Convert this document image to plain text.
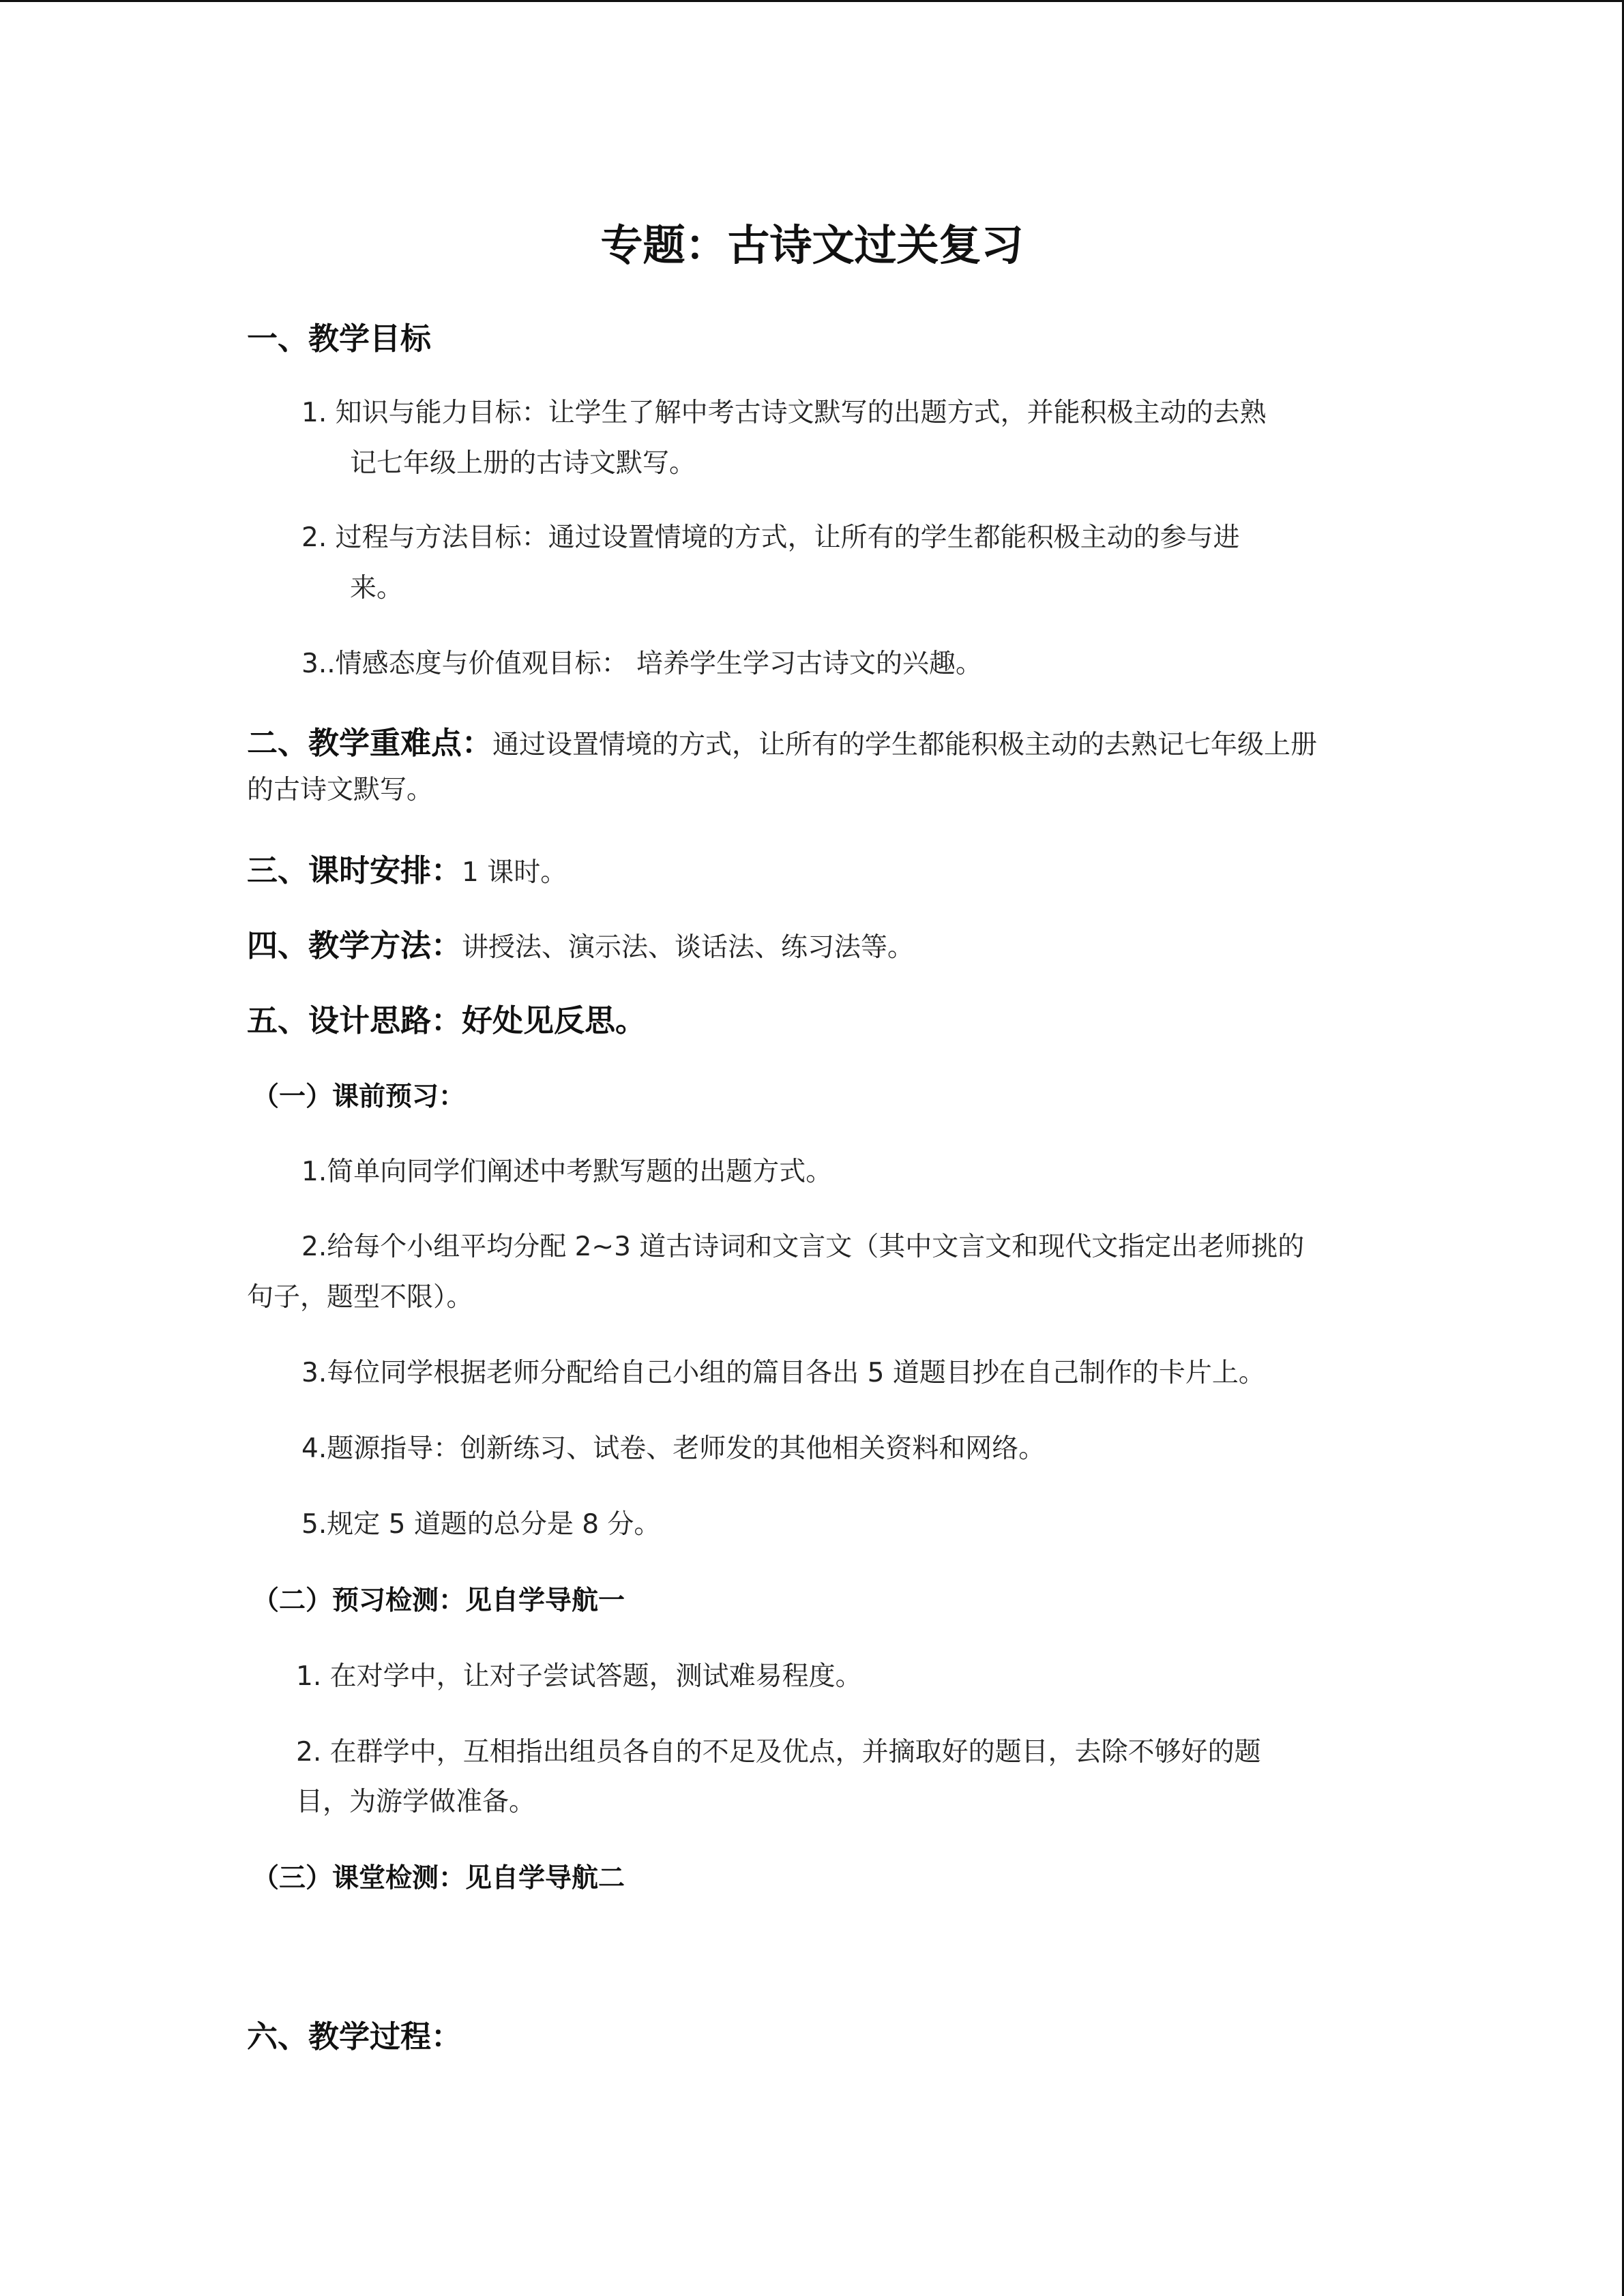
专题：古诗文过关复习
一、教学目标
1. 知识与能力目标：让学生了解中考古诗文默写的出题方式，并能积极主动的去熟
记七年级上册的古诗文默写。
2. 过程与方法目标：通过设置情境的方式，让所有的学生都能积极主动的参与进
来。
3..情感态度与价值观目标： 培养学生学习古诗文的兴趣。
二、教学重难点：通过设置情境的方式，让所有的学生都能积极主动的去熟记七年级上册
的古诗文默写。
三、课时安排：1 课时。
四、教学方法：讲授法、演示法、谈话法、练习法等。
五、设计思路：好处见反思。
（一）课前预习：
1.简单向同学们阐述中考默写题的出题方式。
2.给每个小组平均分配 2~3 道古诗词和文言文（其中文言文和现代文指定出老师挑的
句子，题型不限）。
3.每位同学根据老师分配给自己小组的篇目各出 5 道题目抄在自己制作的卡片上。
4.题源指导：创新练习、试卷、老师发的其他相关资料和网络。
5.规定 5 道题的总分是 8 分。
（二）预习检测：见自学导航一
1. 在对学中，让对子尝试答题，测试难易程度。
2. 在群学中，互相指出组员各自的不足及优点，并摘取好的题目，去除不够好的题
目，为游学做准备。
（三）课堂检测：见自学导航二
六、教学过程：
